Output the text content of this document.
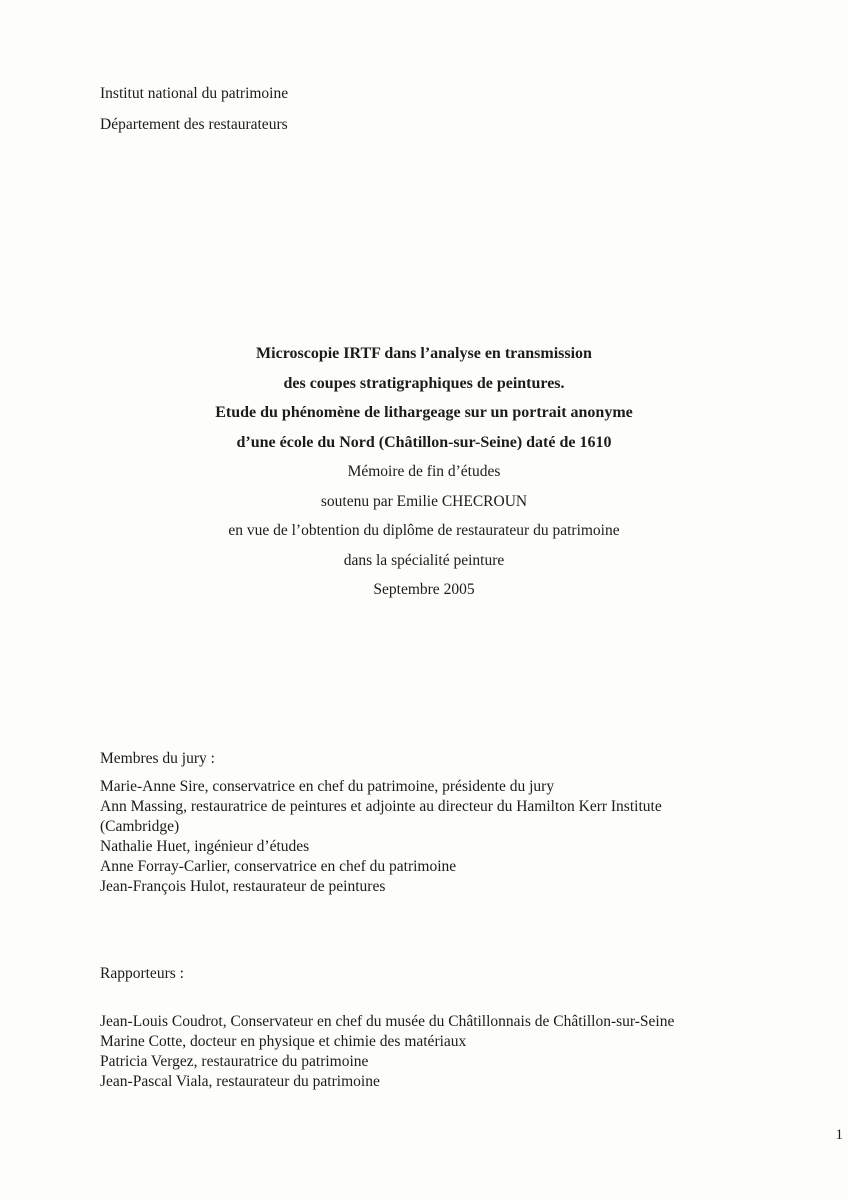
Institut national du patrimoine
Département des restaurateurs
Microscopie IRTF dans l’analyse en transmission
des coupes stratigraphiques de peintures.
Etude du phénomène de lithargeage sur un portrait anonyme
d’une école du Nord (Châtillon-sur-Seine) daté de 1610
Mémoire de fin d’études
soutenu par Emilie CHECROUN
en vue de l’obtention du diplôme de restaurateur du patrimoine
dans la spécialité peinture
Septembre 2005
Membres du jury :
Marie-Anne Sire, conservatrice en chef du patrimoine, présidente du jury
Ann Massing, restauratrice de peintures et adjointe au directeur du Hamilton Kerr Institute
(Cambridge)
Nathalie Huet, ingénieur d’études
Anne Forray-Carlier, conservatrice en chef du patrimoine
Jean-François Hulot, restaurateur de peintures
Rapporteurs :
Jean-Louis Coudrot, Conservateur en chef du musée du Châtillonnais de Châtillon-sur-Seine
Marine Cotte, docteur en physique et chimie des matériaux
Patricia Vergez, restauratrice du patrimoine
Jean-Pascal Viala, restaurateur du patrimoine
1
